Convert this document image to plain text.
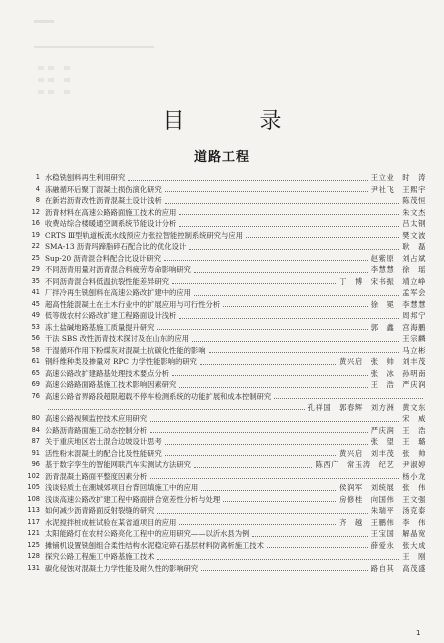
目 录
道路工程
1 水稳铣刨料再生利用研究	王立业　时　涛
4 冻融循环后聚丁混凝土损伤演化研究	尹社飞　王熙宇
8 在新岩沥青改性沥青混凝土设计浅析	陈茂恒
12 沥青材料在高速公路路面施工技术的应用	朱文杰
16 收费站综合楼暖通空调系统节能设计分析	吕太钢
19 CRTS Ⅲ型轨道板流水线预应力张拉智能控制系统研究与应用	樊文波
22 SMA-13 沥青玛蹄脂碎石配合比的优化设计	耿　磊
25 Sup-20 沥青混合料配合比设计研究	赵紫原　刘占斌
29 不同沥青用量对沥青混合料疲劳寿命影响研究	李慧慧　徐　瑶
35 不同沥青混合料低温抗裂性能差异研究	丁　博　宋书振　靖立峥
41 厂拌冷再生铣刨料在高速公路改扩建中的应用	孟军会
45 超高性能混凝土在土木行业中的扩展应用与可行性分析	徐　冕　李慧慧
49 低等级农村公路改扩建工程路面设计浅析	周邦宁
53 冻土盐碱地路基施工质量提升研究	郭　鑫　宫海鹏
56 干法 SBS 改性沥青技术探讨及在山东的应用	王宗麟
58 干湿循环作用下粉煤灰对混凝土抗碳化性能的影响	马立彬
61 钢纤维种类及掺量对 RPC 力学性能影响的研究	黄兴启　张　帅　刘丰茂
65 高速公路改扩建路基处理技术要点分析	张　冰　孙明南
69 高速公路路面路基施工技术影响因素研究	王　浩　严庆润
76 高速公路省界路段超限超载不停车检测系统的功能扩展和成本控制研究
孔祥国　郭春辉　刘方洲　黄文东
80 高速公路视频监控技术应用研究	宋　威
84 公路沥青路面施工动态控制分析	严庆润　王　浩
87 关于重庆地区岩土混合边坡设计思考	张　望　王　璐
91 活性粉末混凝土的配合比及性能研究	黄兴启　刘丰茂　张　帅
96 基于数字孪生的智能网联汽车实测试方法研究	陈西广　常玉涛　纪艺　尹淑婷
102 沥青混凝土路面平整度因素分析	杨小龙
105 浅谈轻质土在潮城郊项目台背回填施工中的应用	侯润军　刘统展　张　伟
108 浅谈高速公路改扩建工程中路面拼合宽差性分析与处理	房修桂　向国伟　王文强
113 如何减少沥青路面反射裂缝的研究	朱瑞平　汤克泰
117 水泥搅拌桩成桩试验在某省道项目的应用	齐　越　王鹏伟　李　伟
121 太阳能路灯在农村公路亮化工程中的应用研究——以沂水县为例	王宝国　解晶宽
125 摊铺机设置铣刨组合柔性结构水泥稳定碎石基层材料防离析施工技术	薛爱永　张大成
128 探究公路工程施工中路基施工技术	王　刚
131 碳化侵蚀对混凝土力学性能及耐久性的影响研究	路自其　高茂盛
1
